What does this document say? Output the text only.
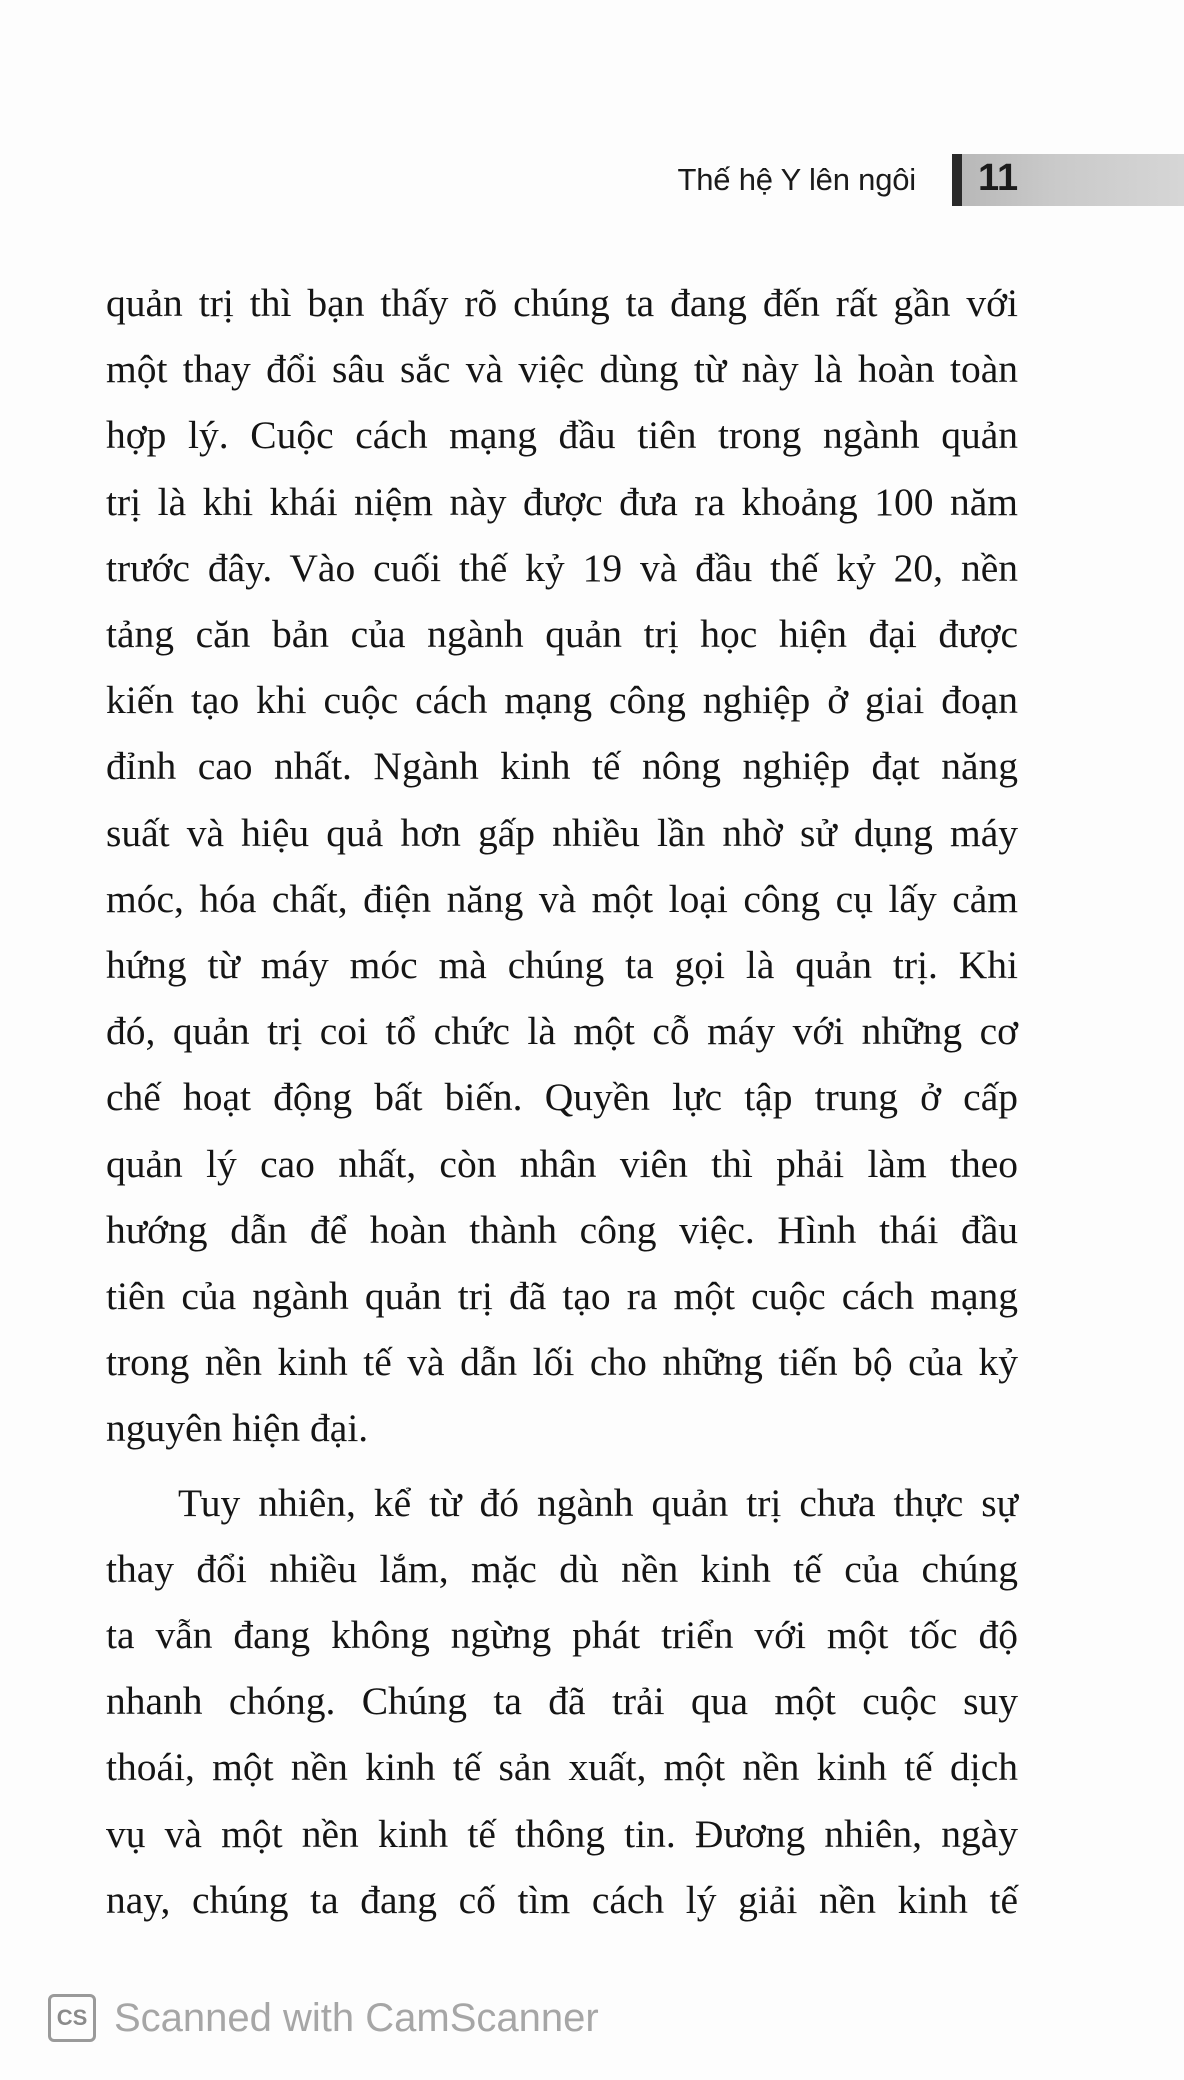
Thế hệ Y lên ngôi 11

quản trị thì bạn thấy rõ chúng ta đang đến rất gần với
một thay đổi sâu sắc và việc dùng từ này là hoàn toàn
hợp lý. Cuộc cách mạng đầu tiên trong ngành quản
trị là khi khái niệm này được đưa ra khoảng 100 năm
trước đây. Vào cuối thế kỷ 19 và đầu thế kỷ 20, nền
tảng căn bản của ngành quản trị học hiện đại được
kiến tạo khi cuộc cách mạng công nghiệp ở giai đoạn
đỉnh cao nhất. Ngành kinh tế nông nghiệp đạt năng
suất và hiệu quả hơn gấp nhiều lần nhờ sử dụng máy
móc, hóa chất, điện năng và một loại công cụ lấy cảm
hứng từ máy móc mà chúng ta gọi là quản trị. Khi
đó, quản trị coi tổ chức là một cỗ máy với những cơ
chế hoạt động bất biến. Quyền lực tập trung ở cấp
quản lý cao nhất, còn nhân viên thì phải làm theo
hướng dẫn để hoàn thành công việc. Hình thái đầu
tiên của ngành quản trị đã tạo ra một cuộc cách mạng
trong nền kinh tế và dẫn lối cho những tiến bộ của kỷ
nguyên hiện đại.

Tuy nhiên, kể từ đó ngành quản trị chưa thực sự
thay đổi nhiều lắm, mặc dù nền kinh tế của chúng
ta vẫn đang không ngừng phát triển với một tốc độ
nhanh chóng. Chúng ta đã trải qua một cuộc suy
thoái, một nền kinh tế sản xuất, một nền kinh tế dịch
vụ và một nền kinh tế thông tin. Đương nhiên, ngày
nay, chúng ta đang cố tìm cách lý giải nền kinh tế

CS Scanned with CamScanner
